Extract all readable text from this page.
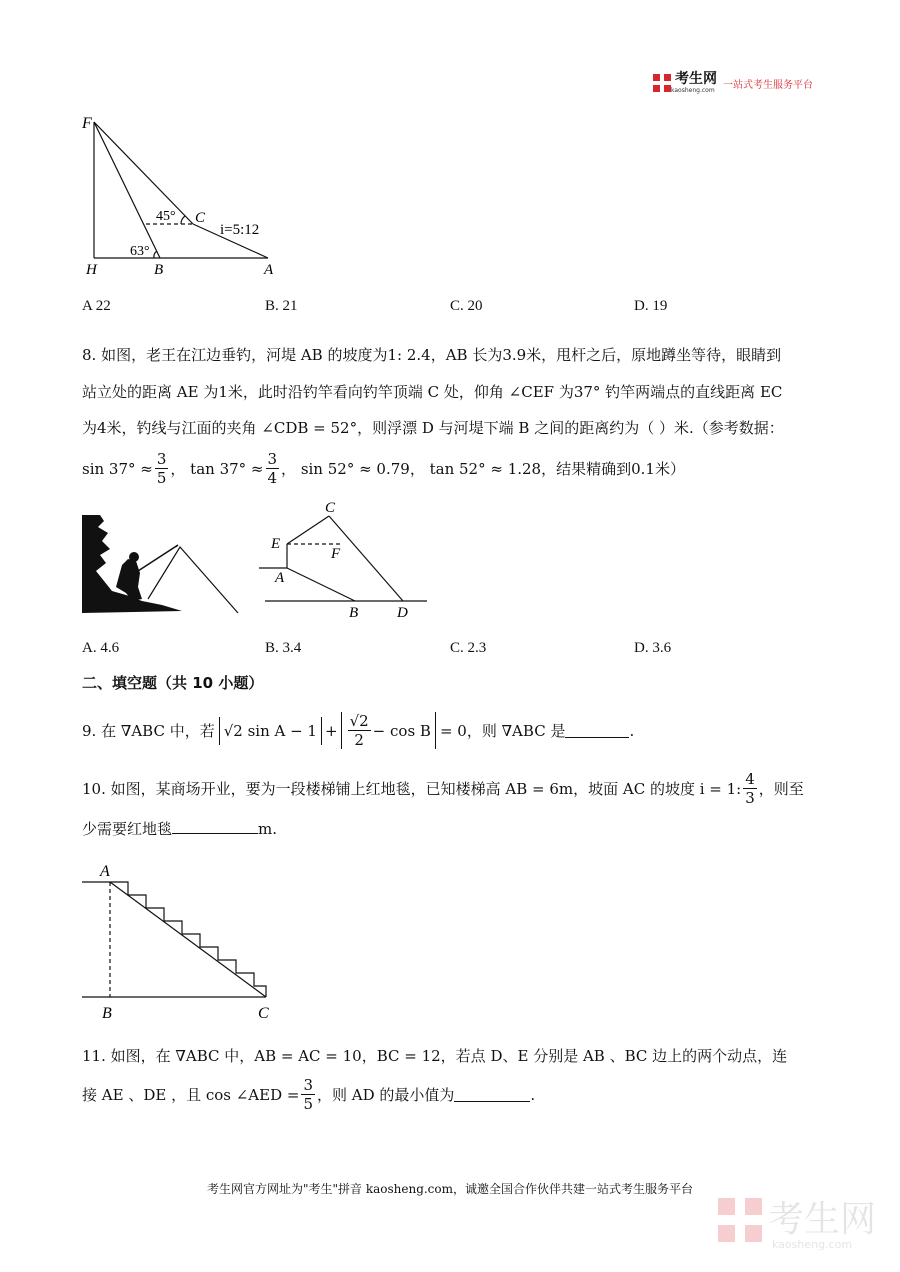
考生网
kaosheng.com 一站式考生服务平台
F
C
45°
i=5:12
63°
H	B	A
A 22	B. 21	C. 20	D. 19
8. 如图，老王在江边垂钓，河堤 AB 的坡度为1: 2.4，AB 长为3.9米，甩杆之后，原地蹲坐等待，眼睛到
站立处的距离 AE 为1米，此时沿钓竿看向钓竿顶端 C 处，仰角 ∠CEF 为37° 钓竿两端点的直线距离 EC
为4米，钓线与江面的夹角 ∠CDB = 52°，则浮漂 D 与河堤下端 B 之间的距离约为（ ）米.（参考数据：
$\sin 37^\circ \approx \frac{3}{5}$ ， $\tan 37^\circ \approx \frac{3}{4}$ ， sin 52° ≈ 0.79， tan 52° ≈ 1.28，结果精确到0.1米）
C
E
F
A
B	D
A. 4.6	B. 3.4	C. 2.3	D. 3.6
二、填空题（共 10 小题）
9. 在 ∇ABC 中，若 √2 $\sin A - 1 + \frac{√2}{2} - \cos B = 0$，则 ∇ABC 是	.
10. 如图，某商场开业，要为一段楼梯铺上红地毯，已知楼梯高 AB = 6m，坡面 AC 的坡度 i = 1: $\frac{4}{3}$ ，则至
少需要红地毯	m.
A
B	C
11. 如图，在 ∇ABC 中，AB = AC = 10，BC = 12，若点 D、E 分别是 AB 、BC 边上的两个动点，连
接 AE 、DE ，且 cos ∠AED = $\frac{3}{5}$ ，则 AD 的最小值为	.
考生网官方网址为"考生"拼音 kaosheng.com，诚邀全国合作伙伴共建一站式考生服务平台
考生网
kaosheng.com
